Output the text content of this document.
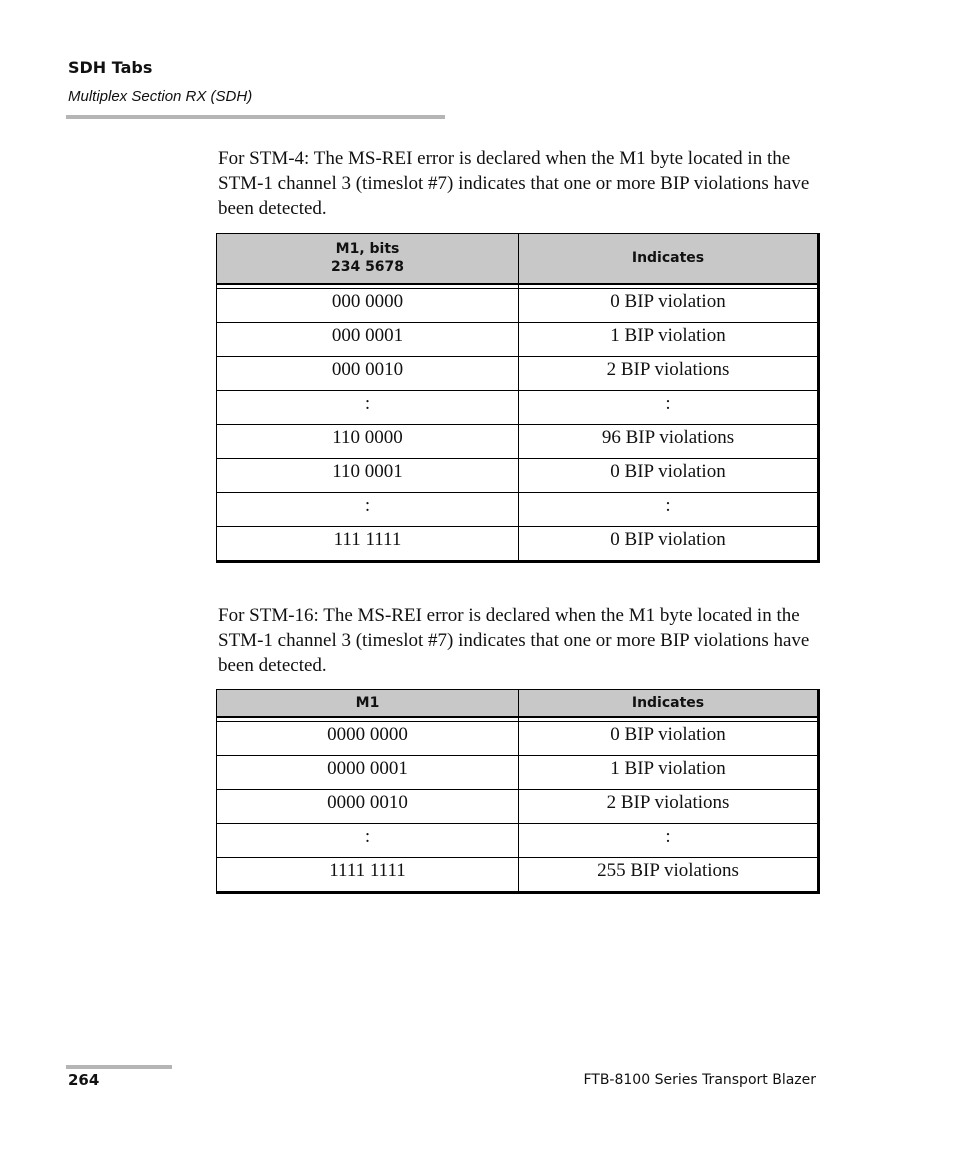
SDH Tabs
Multiplex Section RX (SDH)
For STM-4: The MS-REI error is declared when the M1 byte located in the STM-1 channel 3 (timeslot #7) indicates that one or more BIP violations have been detected.
M1, bits
234 5678	Indicates

000 0000	0 BIP violation

000 0001	1 BIP violation

000 0010	2 BIP violations

:	:

110 0000	96 BIP violations

110 0001	0 BIP violation

:	:

111 1111	0 BIP violation
For STM-16: The MS-REI error is declared when the M1 byte located in the STM-1 channel 3 (timeslot #7) indicates that one or more BIP violations have been detected.
M1	Indicates

0000 0000	0 BIP violation

0000 0001	1 BIP violation

0000 0010	2 BIP violations

:	:

1111 1111	255 BIP violations
264	FTB-8100 Series Transport Blazer
